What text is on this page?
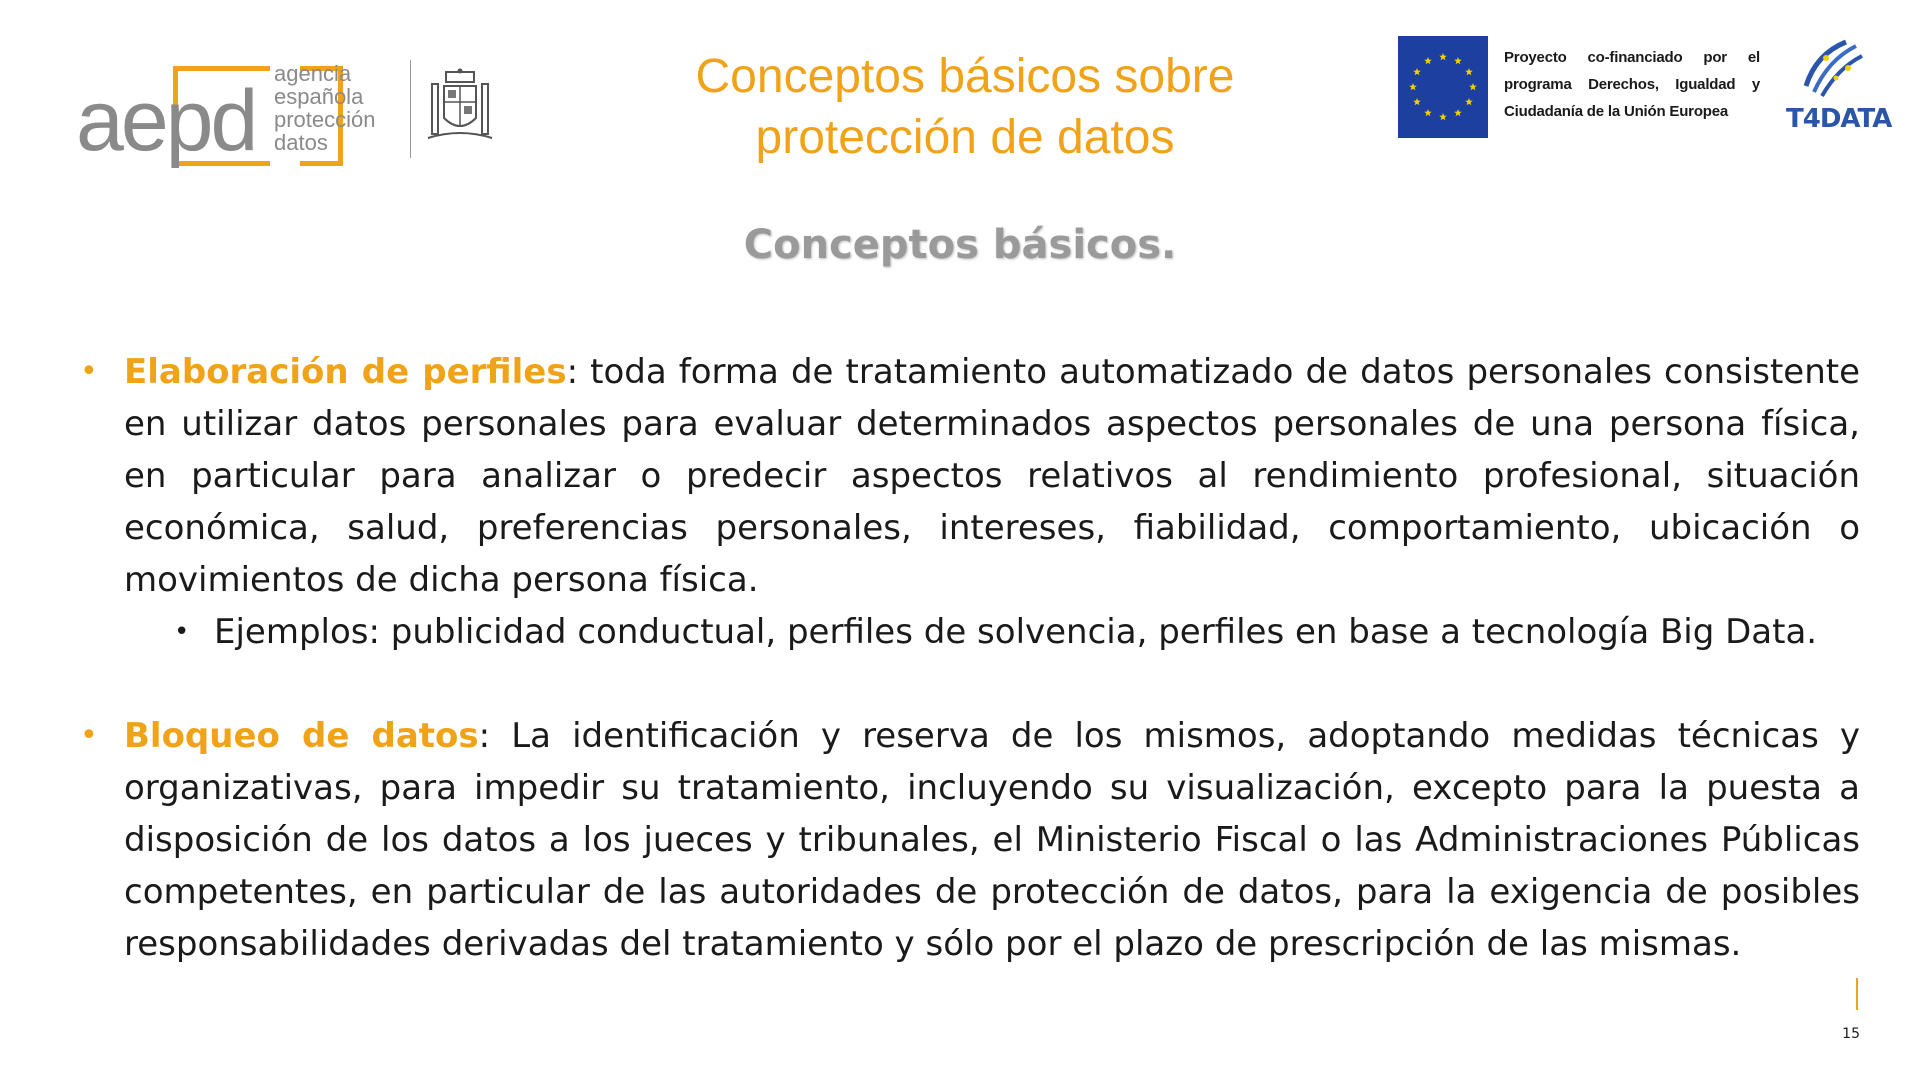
aepd agencia
española
protección
datos
Conceptos básicos sobre
protección de datos
Proyecto co-financiado por el programa Derechos, Igualdad y Ciudadanía de la Unión Europea	T4DATA
Conceptos básicos.
• Elaboración de perfiles: toda forma de tratamiento automatizado de datos personales consistente en utilizar datos personales para evaluar determinados aspectos personales de una persona física, en particular para analizar o predecir aspectos relativos al rendimiento profesional, situación económica, salud, preferencias personales, intereses, fiabilidad, comportamiento, ubicación o movimientos de dicha persona física.
• Ejemplos: publicidad conductual, perfiles de solvencia, perfiles en base a tecnología Big Data.
• Bloqueo de datos: La identificación y reserva de los mismos, adoptando medidas técnicas y organizativas, para impedir su tratamiento, incluyendo su visualización, excepto para la puesta a disposición de los datos a los jueces y tribunales, el Ministerio Fiscal o las Administraciones Públicas competentes, en particular de las autoridades de protección de datos, para la exigencia de posibles responsabilidades derivadas del tratamiento y sólo por el plazo de prescripción de las mismas.
15
